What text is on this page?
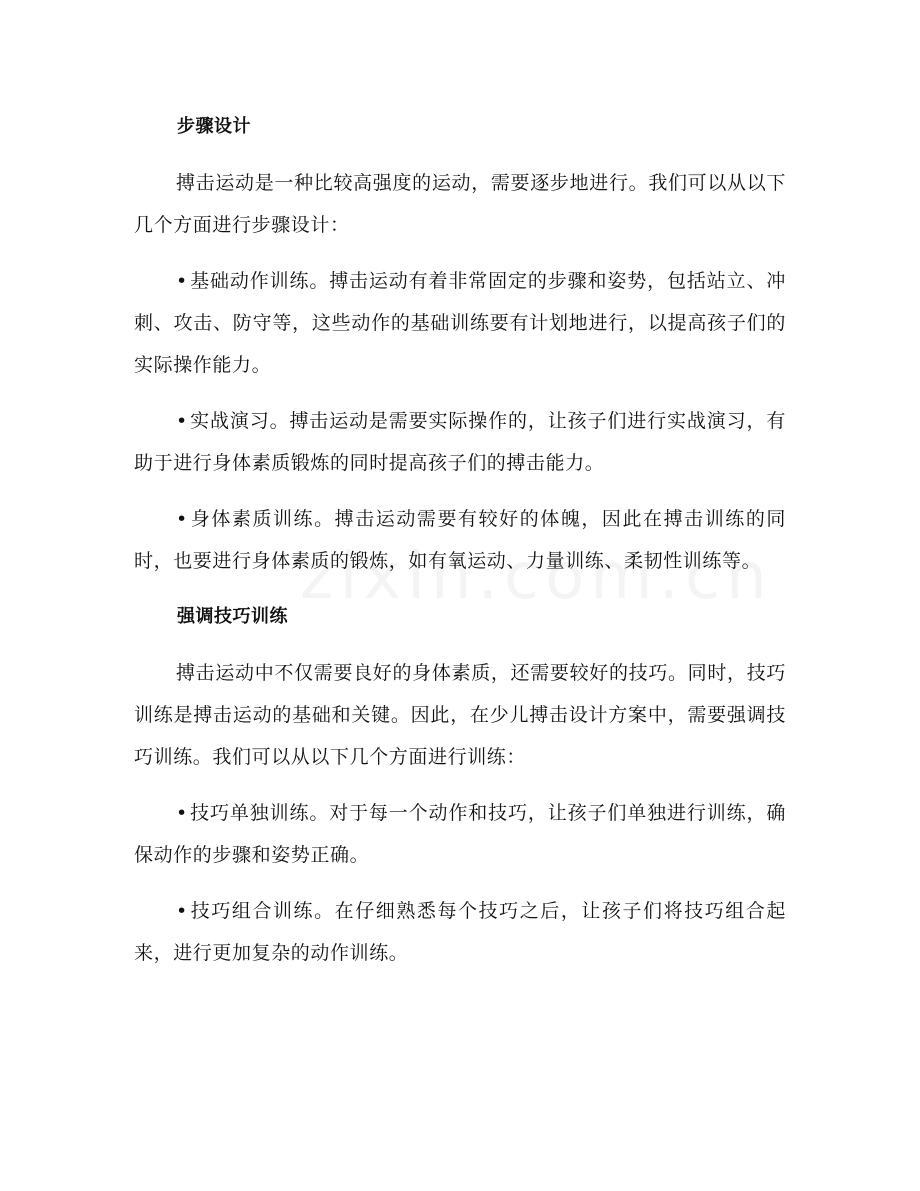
步骤设计

搏击运动是一种比较高强度的运动，需要逐步地进行。我们可以从以下几个方面进行步骤设计：

• 基础动作训练。搏击运动有着非常固定的步骤和姿势，包括站立、冲刺、攻击、防守等，这些动作的基础训练要有计划地进行，以提高孩子们的实际操作能力。

• 实战演习。搏击运动是需要实际操作的，让孩子们进行实战演习，有助于进行身体素质锻炼的同时提高孩子们的搏击能力。

• 身体素质训练。搏击运动需要有较好的体魄，因此在搏击训练的同时，也要进行身体素质的锻炼，如有氧运动、力量训练、柔韧性训练等。

强调技巧训练

搏击运动中不仅需要良好的身体素质，还需要较好的技巧。同时，技巧训练是搏击运动的基础和关键。因此，在少儿搏击设计方案中，需要强调技巧训练。我们可以从以下几个方面进行训练：

• 技巧单独训练。对于每一个动作和技巧，让孩子们单独进行训练，确保动作的步骤和姿势正确。

• 技巧组合训练。在仔细熟悉每个技巧之后，让孩子们将技巧组合起来，进行更加复杂的动作训练。
